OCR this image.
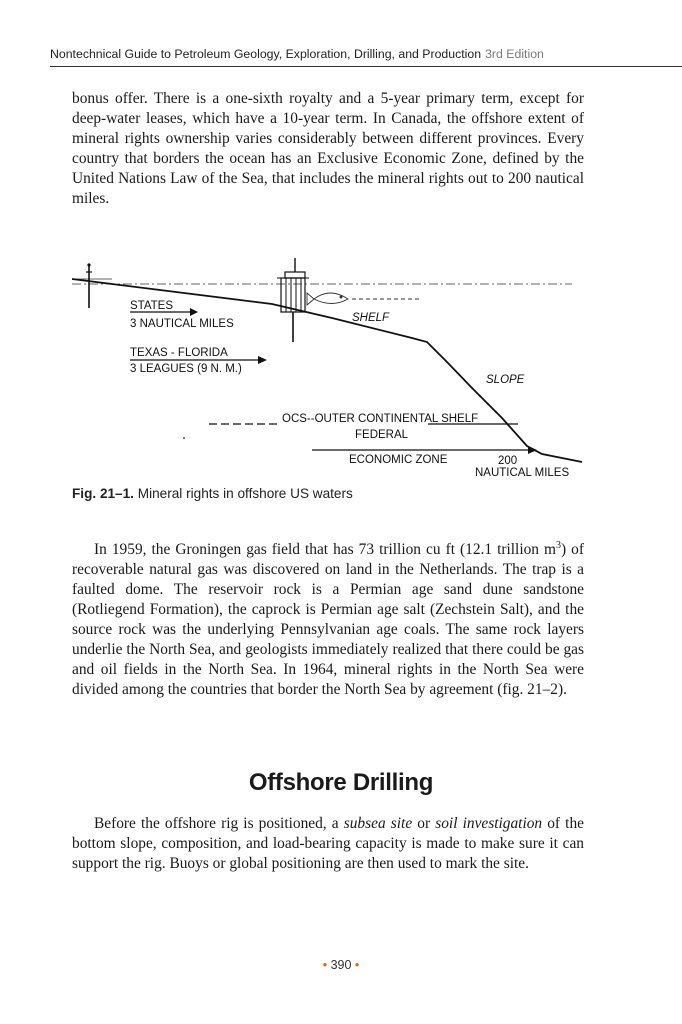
Nontechnical Guide to Petroleum Geology, Exploration, Drilling, and Production 3rd Edition

bonus offer. There is a one-sixth royalty and a 5-year primary term, except for deep-water leases, which have a 10-year term. In Canada, the offshore extent of mineral rights ownership varies considerably between different provinces. Every country that borders the ocean has an Exclusive Economic Zone, defined by the United Nations Law of the Sea, that includes the mineral rights out to 200 nautical miles.

STATES
3 NAUTICAL MILES
TEXAS - FLORIDA
3 LEAGUES (9 N. M.)
SHELF
SLOPE
OCS--OUTER CONTINENTAL SHELF
FEDERAL
ECONOMIC ZONE	200
NAUTICAL MILES
Fig. 21–1. Mineral rights in offshore US waters

In 1959, the Groningen gas field that has 73 trillion cu ft (12.1 trillion $m^3$) of recoverable natural gas was discovered on land in the Netherlands. The trap is a faulted dome. The reservoir rock is a Permian age sand dune sandstone (Rotliegend Formation), the caprock is Permian age salt (Zechstein Salt), and the source rock was the underlying Pennsylvanian age coals. The same rock layers underlie the North Sea, and geologists immediately realized that there could be gas and oil fields in the North Sea. In 1964, mineral rights in the North Sea were divided among the countries that border the North Sea by agreement (fig. 21–2).

Offshore Drilling

Before the offshore rig is positioned, a subsea site or soil investigation of the bottom slope, composition, and load-bearing capacity is made to make sure it can support the rig. Buoys or global positioning are then used to mark the site.

• 390 •
